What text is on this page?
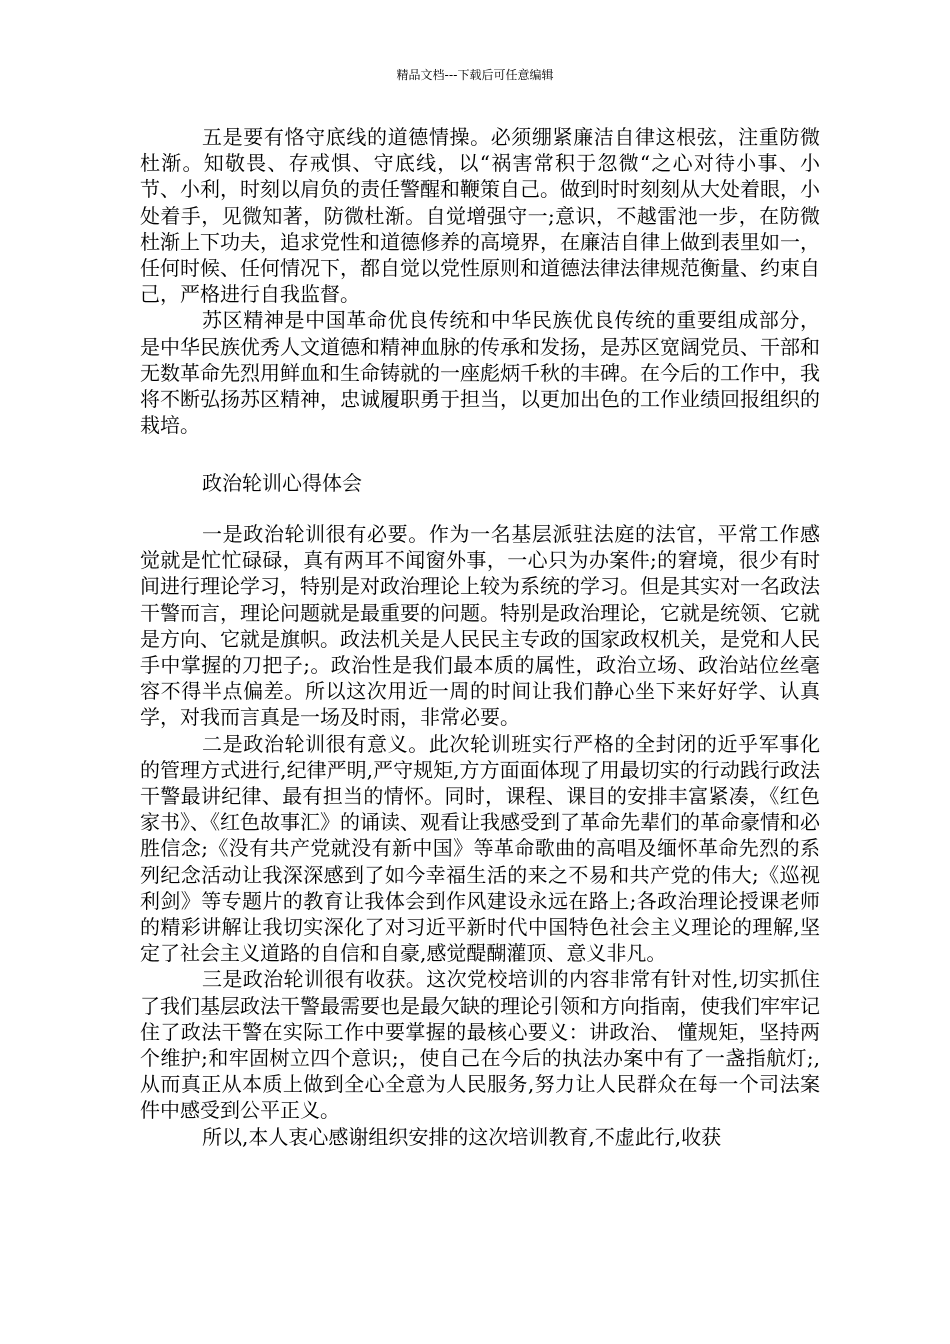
精品文档---下载后可任意编辑

五是要有恪守底线的道德情操。必须绷紧廉洁自律这根弦，注重防微杜渐。知敬畏、存戒惧、守底线，以“祸害常积于忽微“之心对待小事、小节、小利，时刻以肩负的责任警醒和鞭策自己。做到时时刻刻从大处着眼，小处着手，见微知著，防微杜渐。自觉增强守一;意识，不越雷池一步，在防微杜渐上下功夫，追求党性和道德修养的高境界，在廉洁自律上做到表里如一，任何时候、任何情况下，都自觉以党性原则和道德法律法律规范衡量、约束自己，严格进行自我监督。

苏区精神是中国革命优良传统和中华民族优良传统的重要组成部分，是中华民族优秀人文道德和精神血脉的传承和发扬，是苏区宽阔党员、干部和无数革命先烈用鲜血和生命铸就的一座彪炳千秋的丰碑。在今后的工作中，我将不断弘扬苏区精神，忠诚履职勇于担当，以更加出色的工作业绩回报组织的栽培。

政治轮训心得体会

一是政治轮训很有必要。作为一名基层派驻法庭的法官，平常工作感觉就是忙忙碌碌，真有两耳不闻窗外事，一心只为办案件;的窘境，很少有时间进行理论学习，特别是对政治理论上较为系统的学习。但是其实对一名政法干警而言，理论问题就是最重要的问题。特别是政治理论，它就是统领、它就是方向、它就是旗帜。政法机关是人民民主专政的国家政权机关，是党和人民手中掌握的刀把子;。政治性是我们最本质的属性，政治立场、政治站位丝毫容不得半点偏差。所以这次用近一周的时间让我们静心坐下来好好学、认真学，对我而言真是一场及时雨，非常必要。

二是政治轮训很有意义。此次轮训班实行严格的全封闭的近乎军事化的管理方式进行,纪律严明,严守规矩,方方面面体现了用最切实的行动践行政法干警最讲纪律、最有担当的情怀。同时，课程、课目的安排丰富紧凑，《红色家书》、《红色故事汇》的诵读、观看让我感受到了革命先辈们的革命豪情和必胜信念;《没有共产党就没有新中国》等革命歌曲的高唱及缅怀革命先烈的系列纪念活动让我深深感到了如今幸福生活的来之不易和共产党的伟大;《巡视利剑》等专题片的教育让我体会到作风建设永远在路上;各政治理论授课老师的精彩讲解让我切实深化了对习近平新时代中国特色社会主义理论的理解,坚定了社会主义道路的自信和自豪,感觉醍醐灌顶、意义非凡。

三是政治轮训很有收获。这次党校培训的内容非常有针对性,切实抓住了我们基层政法干警最需要也是最欠缺的理论引领和方向指南，使我们牢牢记住了政法干警在实际工作中要掌握的最核心要义：讲政治、 懂规矩，坚持两个维护;和牢固树立四个意识;，使自己在今后的执法办案中有了一盏指航灯;,从而真正从本质上做到全心全意为人民服务,努力让人民群众在每一个司法案件中感受到公平正义。

所以,本人衷心感谢组织安排的这次培训教育,不虚此行,收获
